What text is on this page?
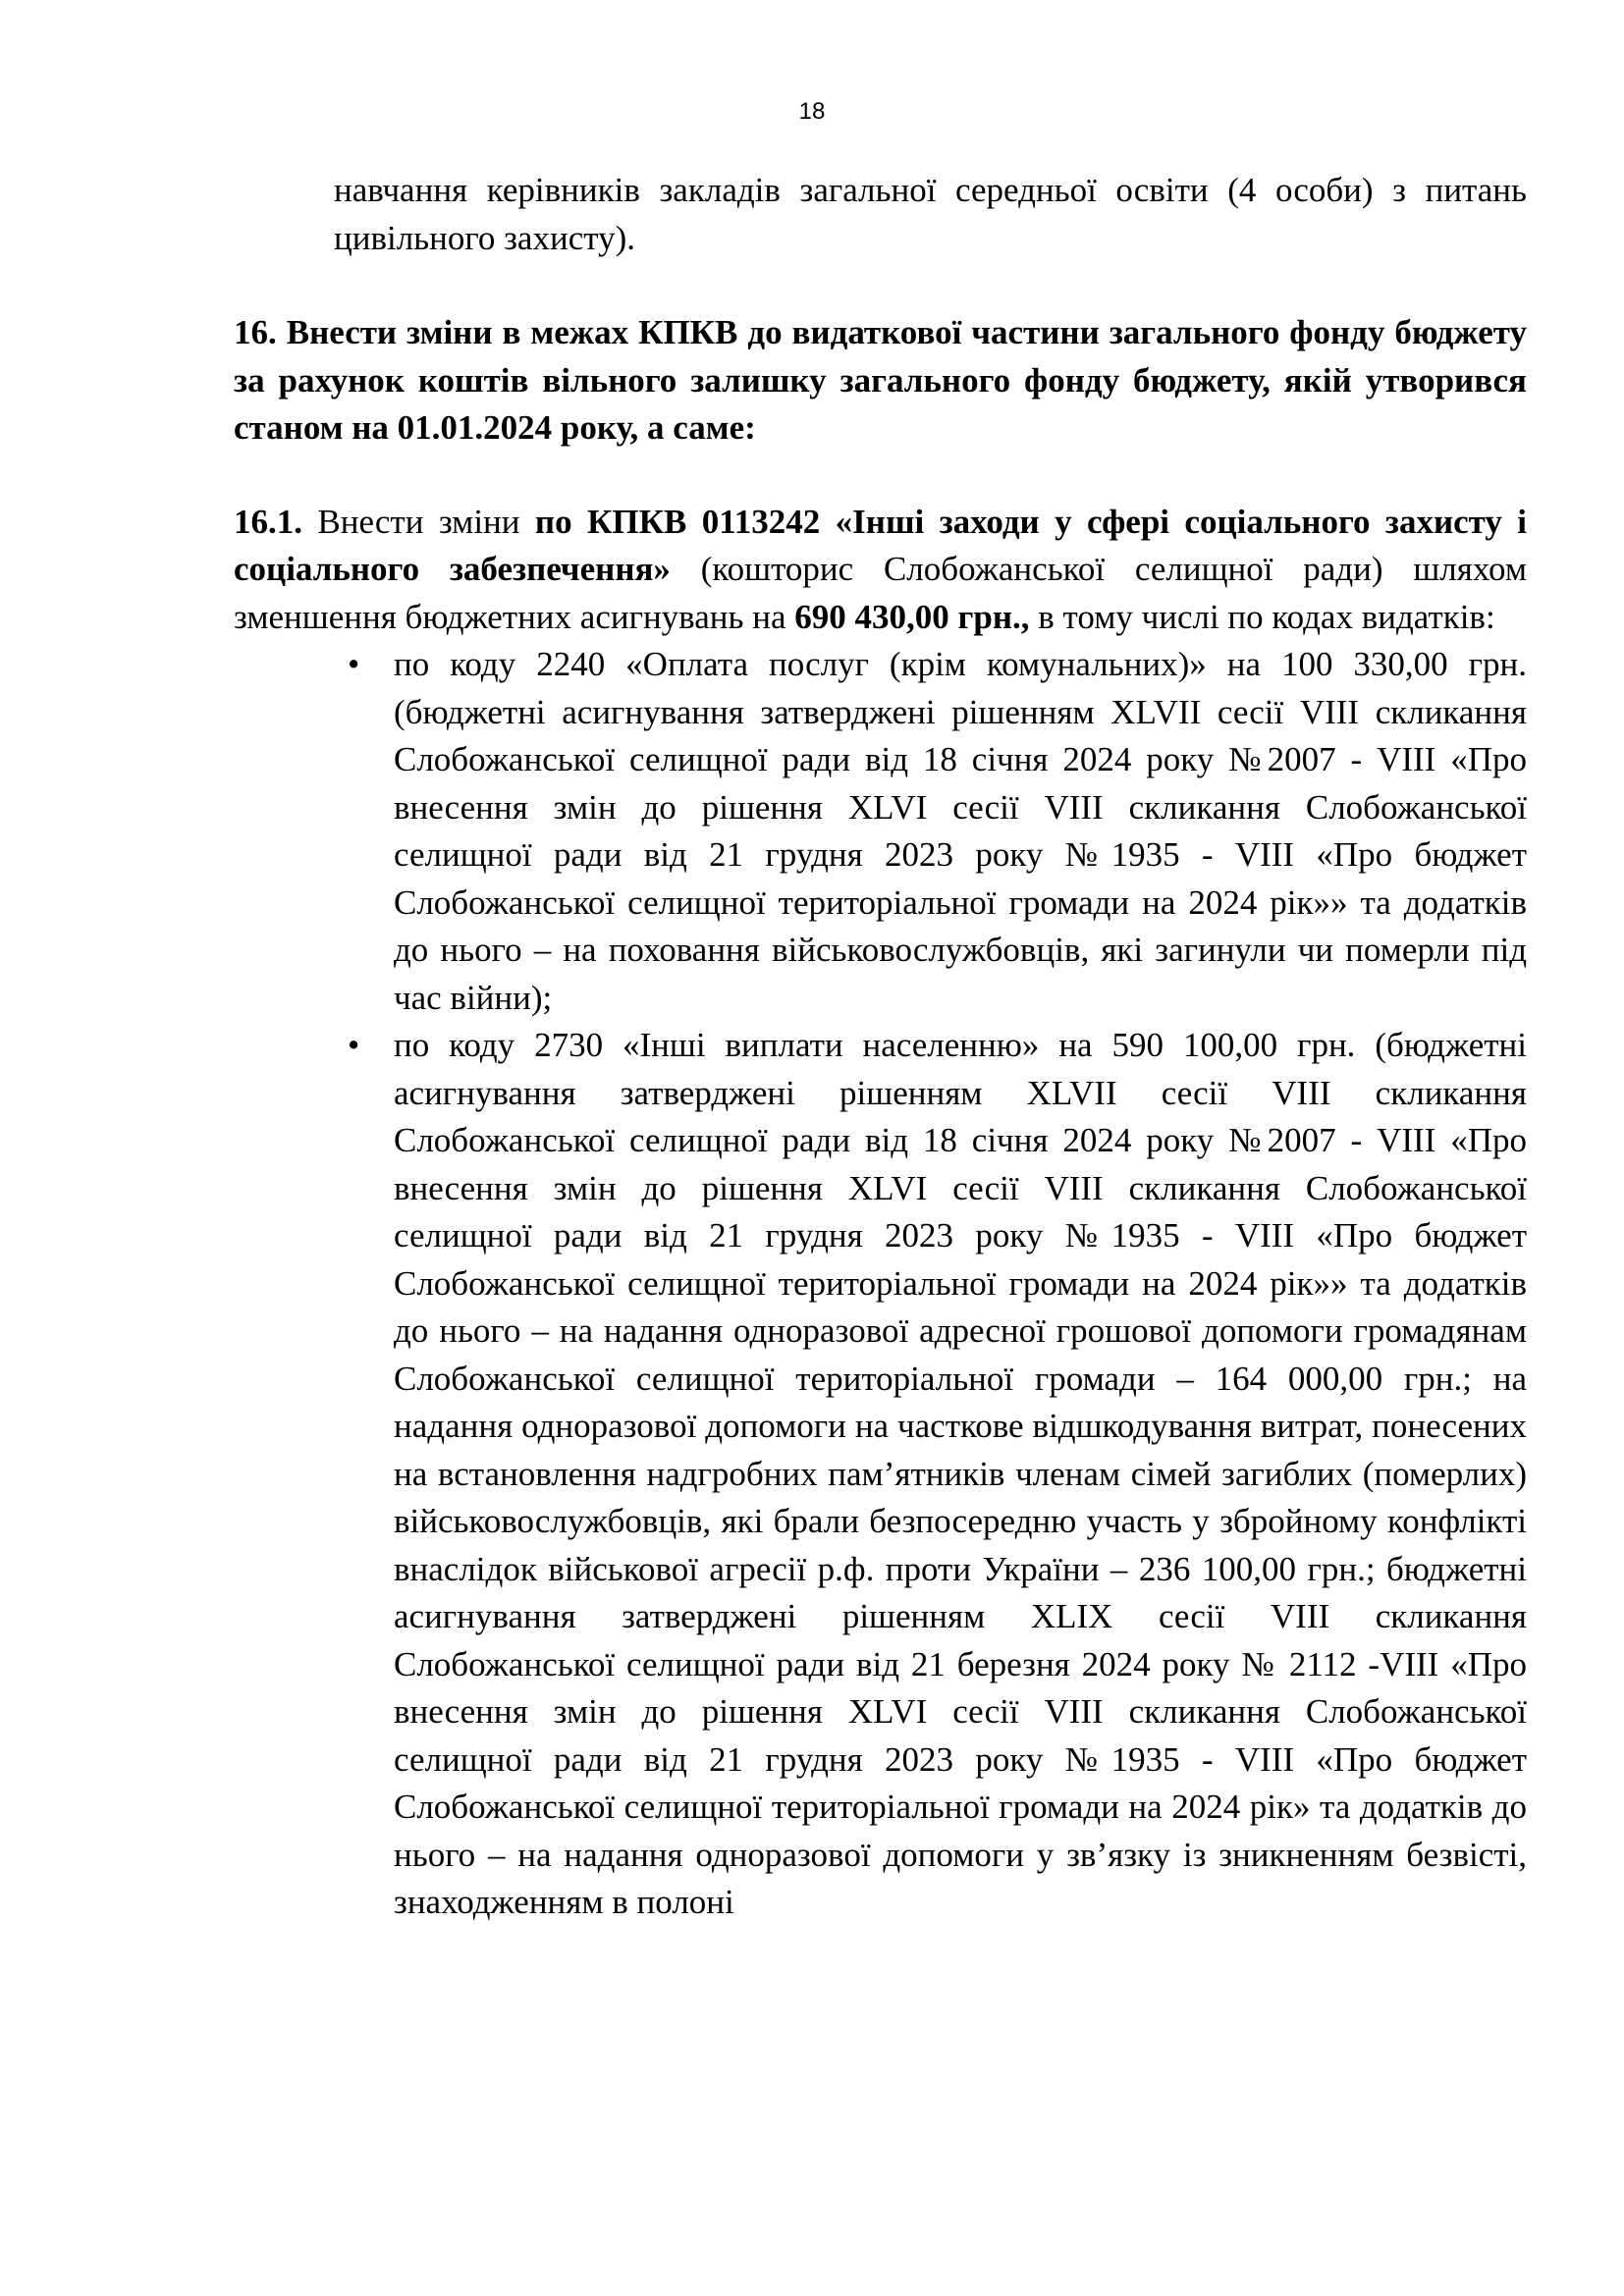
18

навчання керівників закладів загальної середньої освіти (4 особи) з питань цивільного захисту).

16. Внести зміни в межах КПКВ до видаткової частини загального фонду бюджету за рахунок коштів вільного залишку загального фонду бюджету, якій утворився станом на 01.01.2024 року, а саме:

16.1. Внести зміни по КПКВ 0113242 «Інші заходи у сфері соціального захисту і соціального забезпечення» (кошторис Слобожанської селищної ради) шляхом зменшення бюджетних асигнувань на 690 430,00 грн., в тому числі по кодах видатків:

• по коду 2240 «Оплата послуг (крім комунальних)» на 100 330,00 грн. (бюджетні асигнування затверджені рішенням XLVII сесії VIII скликання Слобожанської селищної ради від 18 січня 2024 року №2007 - VIII «Про внесення змін до рішення XLVI сесії VIII скликання Слобожанської селищної ради від 21 грудня 2023 року №1935 - VIII «Про бюджет Слобожанської селищної територіальної громади на 2024 рік»» та додатків до нього – на поховання військовослужбовців, які загинули чи померли під час війни);

• по коду 2730 «Інші виплати населенню» на 590 100,00 грн. (бюджетні асигнування затверджені рішенням XLVII сесії VIII скликання Слобожанської селищної ради від 18 січня 2024 року №2007 - VIII «Про внесення змін до рішення XLVI сесії VIII скликання Слобожанської селищної ради від 21 грудня 2023 року №1935 - VIII «Про бюджет Слобожанської селищної територіальної громади на 2024 рік»» та додатків до нього – на надання одноразової адресної грошової допомоги громадянам Слобожанської селищної територіальної громади – 164 000,00 грн.; на надання одноразової допомоги на часткове відшкодування витрат, понесених на встановлення надгробних пам’ятників членам сімей загиблих (померлих) військовослужбовців, які брали безпосередню участь у збройному конфлікті внаслідок військової агресії р.ф. проти України – 236 100,00 грн.; бюджетні асигнування затверджені рішенням XLIX сесії VIII скликання Слобожанської селищної ради від 21 березня 2024 року № 2112 -VIII «Про внесення змін до рішення XLVI сесії VIII скликання Слобожанської селищної ради від 21 грудня 2023 року №1935 - VIII «Про бюджет Слобожанської селищної територіальної громади на 2024 рік» та додатків до нього – на надання одноразової допомоги у зв’язку із зникненням безвісті, знаходженням в полоні
